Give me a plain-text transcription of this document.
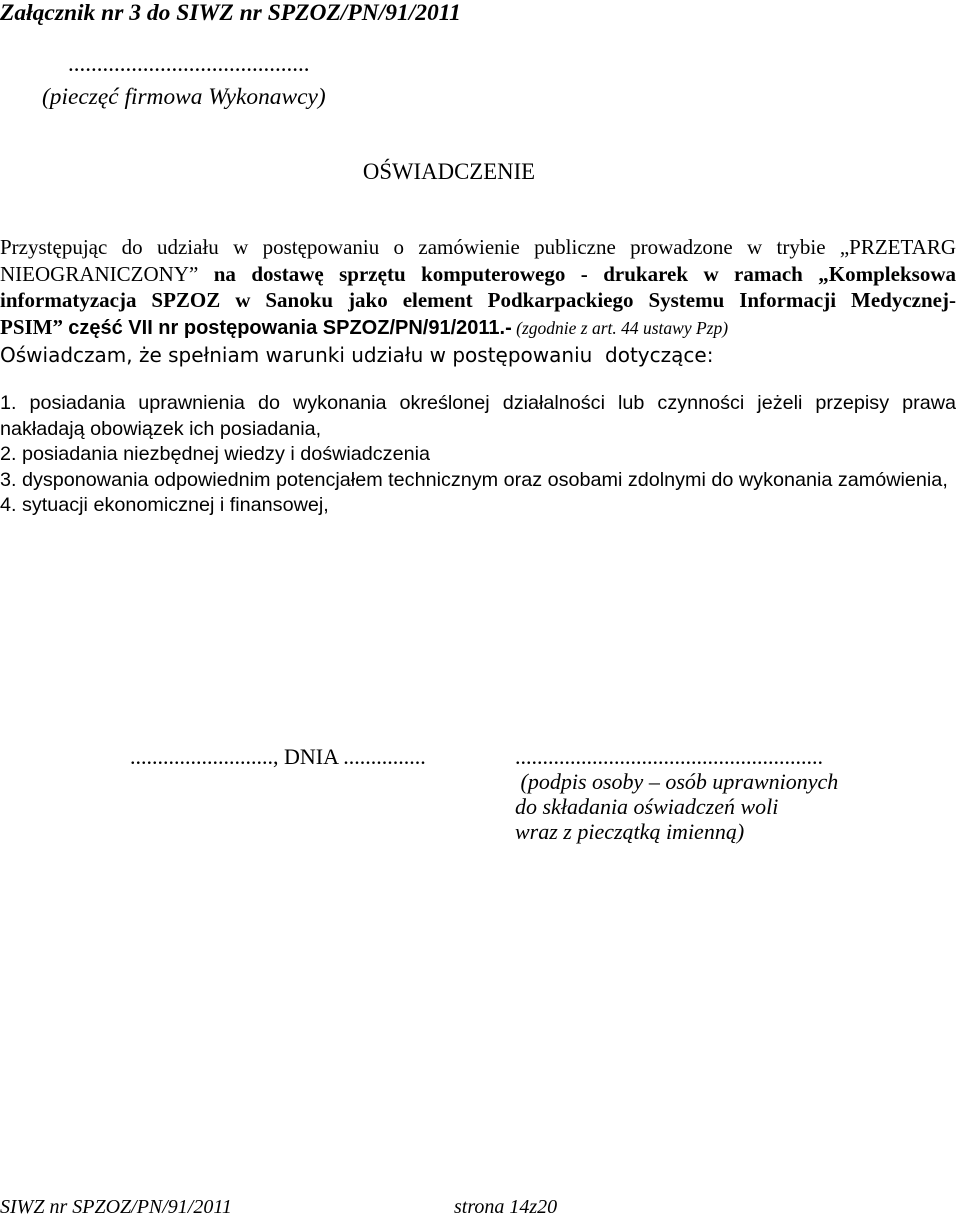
Załącznik nr 3 do SIWZ nr SPZOZ/PN/91/2011
..........................................
(pieczęć firmowa Wykonawcy)
OŚWIADCZENIE
Przystępując do udziału w postępowaniu o zamówienie publiczne prowadzone w trybie „PRZETARG
NIEOGRANICZONY” na dostawę sprzętu komputerowego - drukarek w ramach „Kompleksowa
informatyzacja SPZOZ w Sanoku jako element Podkarpackiego Systemu Informacji Medycznej-
PSIM” część VII nr postępowania SPZOZ/PN/91/2011.- (zgodnie z art. 44 ustawy Pzp)
Oświadczam, że spełniam warunki udziału w postępowaniu  dotyczące:
1. posiadania uprawnienia do wykonania określonej działalności lub czynności jeżeli przepisy prawa
nakładają obowiązek ich posiadania,
2. posiadania niezbędnej wiedzy i doświadczenia
3. dysponowania odpowiednim potencjałem technicznym oraz osobami zdolnymi do wykonania zamówienia,
4. sytuacji ekonomicznej i finansowej,
.........................., DNIA ...............	........................................................
(podpis osoby – osób uprawnionych
do składania oświadczeń woli
wraz z pieczątką imienną)
SIWZ nr SPZOZ/PN/91/2011	strona 14z20
